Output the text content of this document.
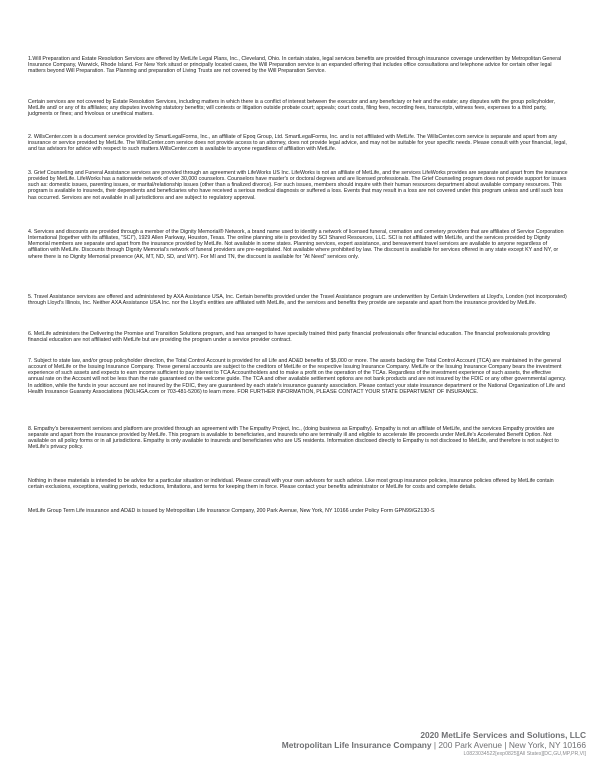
1.Will Preparation and Estate Resolution Services are offered by MetLife Legal Plans, Inc., Cleveland, Ohio. In certain states, legal services benefits are provided through insurance coverage underwritten by Metropolitan General Insurance Company, Warwick, Rhode Island. For New York situsd or principally located cases, the Will Preparation service is an expanded offering that includes office consultations and telephone advice for certain other legal matters beyond Will Preparation. Tax Planning and preparation of Living Trusts are not covered by the Will Preparation Service.

Certain services are not covered by Estate Resolution Services, including matters in which there is a conflict of interest between the executor and any beneficiary or heir and the estate; any disputes with the group policyholder, MetLife and/ or any of its affiliates; any disputes involving statutory benefits; will contests or litigation outside probate court; appeals; court costs, filing fees, recording fees, transcripts, witness fees, expenses to a third party, judgments or fines; and frivolous or unethical matters.

2. WillsCenter.com is a document service provided by SmartLegalForms, Inc., an affiliate of Epoq Group, Ltd. SmartLegalForms, Inc. and is not affiliated with MetLife. The WillsCenter.com service is separate and apart from any insurance or service provided by MetLife. The WillsCenter.com service does not provide access to an attorney, does not provide legal advice, and may not be suitable for your specific needs. Please consult with your financial, legal, and tax advisors for advice with respect to such matters.WillsCenter.com is available to anyone regardless of affiliation with MetLife.

3. Grief Counseling and Funeral Assistance services are provided through an agreement with LifeWorks US Inc. LifeWorks is not an affiliate of MetLife, and the services LifeWorks provides are separate and apart from the insurance provided by MetLife. LifeWorks has a nationwide network of over 30,000 counselors. Counselors have master's or doctoral degrees and are licensed professionals. The Grief Counseling program does not provide support for issues such as: domestic issues, parenting issues, or marital/relationship issues (other than a finalized divorce). For such issues, members should inquire with their human resources department about available company resources. This program is available to insureds, their dependents and beneficiaries who have received a serious medical diagnosis or suffered a loss. Events that may result in a loss are not covered under this program unless and until such loss has occurred. Services are not available in all jurisdictions and are subject to regulatory approval.

4. Services and discounts are provided through a member of the Dignity Memorial® Network, a brand name used to identify a network of licensed funeral, cremation and cemetery providers that are affiliates of Service Corporation International (together with its affiliates, "SCI"), 1929 Allen Parkway, Houston, Texas. The online planning site is provided by SCI Shared Resources, LLC. SCI is not affiliated with MetLife, and the services provided by Dignity Memorial members are separate and apart from the insurance provided by MetLife. Not available in some states. Planning services, expert assistance, and bereavement travel services are available to anyone regardless of affiliation with MetLife. Discounts through Dignity Memorial's network of funeral providers are pre-negotiated. Not available where prohibited by law. The discount is available for services offered in any state except KY and NY, or where there is no Dignity Memorial presence (AK, MT, ND, SD, and WY). For MI and TN, the discount is available for "At Need" services only.

5. Travel Assistance services are offered and administered by AXA Assistance USA, Inc. Certain benefits provided under the Travel Assistance program are underwritten by Certain Underwriters at Lloyd's, London (not incorporated) through Lloyd's Illinois, Inc. Neither AXA Assistance USA Inc. nor the Lloyd's entities are affiliated with MetLife, and the services and benefits they provide are separate and apart from the insurance provided by MetLife.

6. MetLife administers the Delivering the Promise and Transition Solutions program, and has arranged to have specially trained third party financial professionals offer financial education. The financial professionals providing financial education are not affiliated with MetLife but are providing the program under a service provider contract.

7. Subject to state law, and/or group policyholder direction, the Total Control Account is provided for all Life and AD&D benefits of $5,000 or more. The assets backing the Total Control Account (TCA) are maintained in the general account of MetLife or the Issuing Insurance Company. These general accounts are subject to the creditors of MetLife or the respective Issuing Insurance Company. MetLife or the Issuing Insurance Company bears the investment experience of such assets and expects to earn income sufficient to pay interest to TCA Accountholders and to make a profit on the operation of the TCAs. Regardless of the investment experience of such assets, the effective annual rate on the Account will not be less than the rate guaranteed on the welcome guide. The TCA and other available settlement options are not bank products and are not insured by the FDIC or any other governmental agency. In addition, while the funds in your account are not insured by the FDIC, they are guaranteed by each state's insurance guaranty association. Please contact your state insurance department or the National Organization of Life and Health Insurance Guaranty Associations (NOLHGA.com or 703-481-5206) to learn more. FOR FURTHER INFORMATION, PLEASE CONTACT YOUR STATE DEPARTMENT OF INSURANCE.

8. Empathy's bereavement services and platform are provided through an agreement with The Empathy Project, Inc., (doing business as Empathy). Empathy is not an affiliate of MetLife, and the services Empathy provides are separate and apart from the insurance provided by MetLife. This program is available to beneficiaries, and insureds who are terminally ill and eligible to accelerate life proceeds under MetLife's Accelerated Benefit Option. Not available on all policy forms or in all jurisdictions. Empathy is only available to insureds and beneficiaries who are US residents. Information disclosed directly to Empathy is not disclosed to MetLife, and therefore is not subject to MetLife's privacy policy.

Nothing in these materials is intended to be advice for a particular situation or individual. Please consult with your own advisors for such advice. Like most group insurance policies, insurance policies offered by MetLife contain certain exclusions, exceptions, waiting periods, reductions, limitations, and terms for keeping them in force. Please contact your benefits administrator or MetLife for costs and complete details.

MetLife Group Term Life insurance and AD&D is issued by Metropolitan Life Insurance Company, 200 Park Avenue, New York, NY 10166 under Policy Form GPN99/G2130-S

2020 MetLife Services and Solutions, LLC

Metropolitan Life Insurance Company | 200 Park Avenue | New York, NY 10166

L0823034522[exp0825][All States][DC,GU,MP,PR,VI]
